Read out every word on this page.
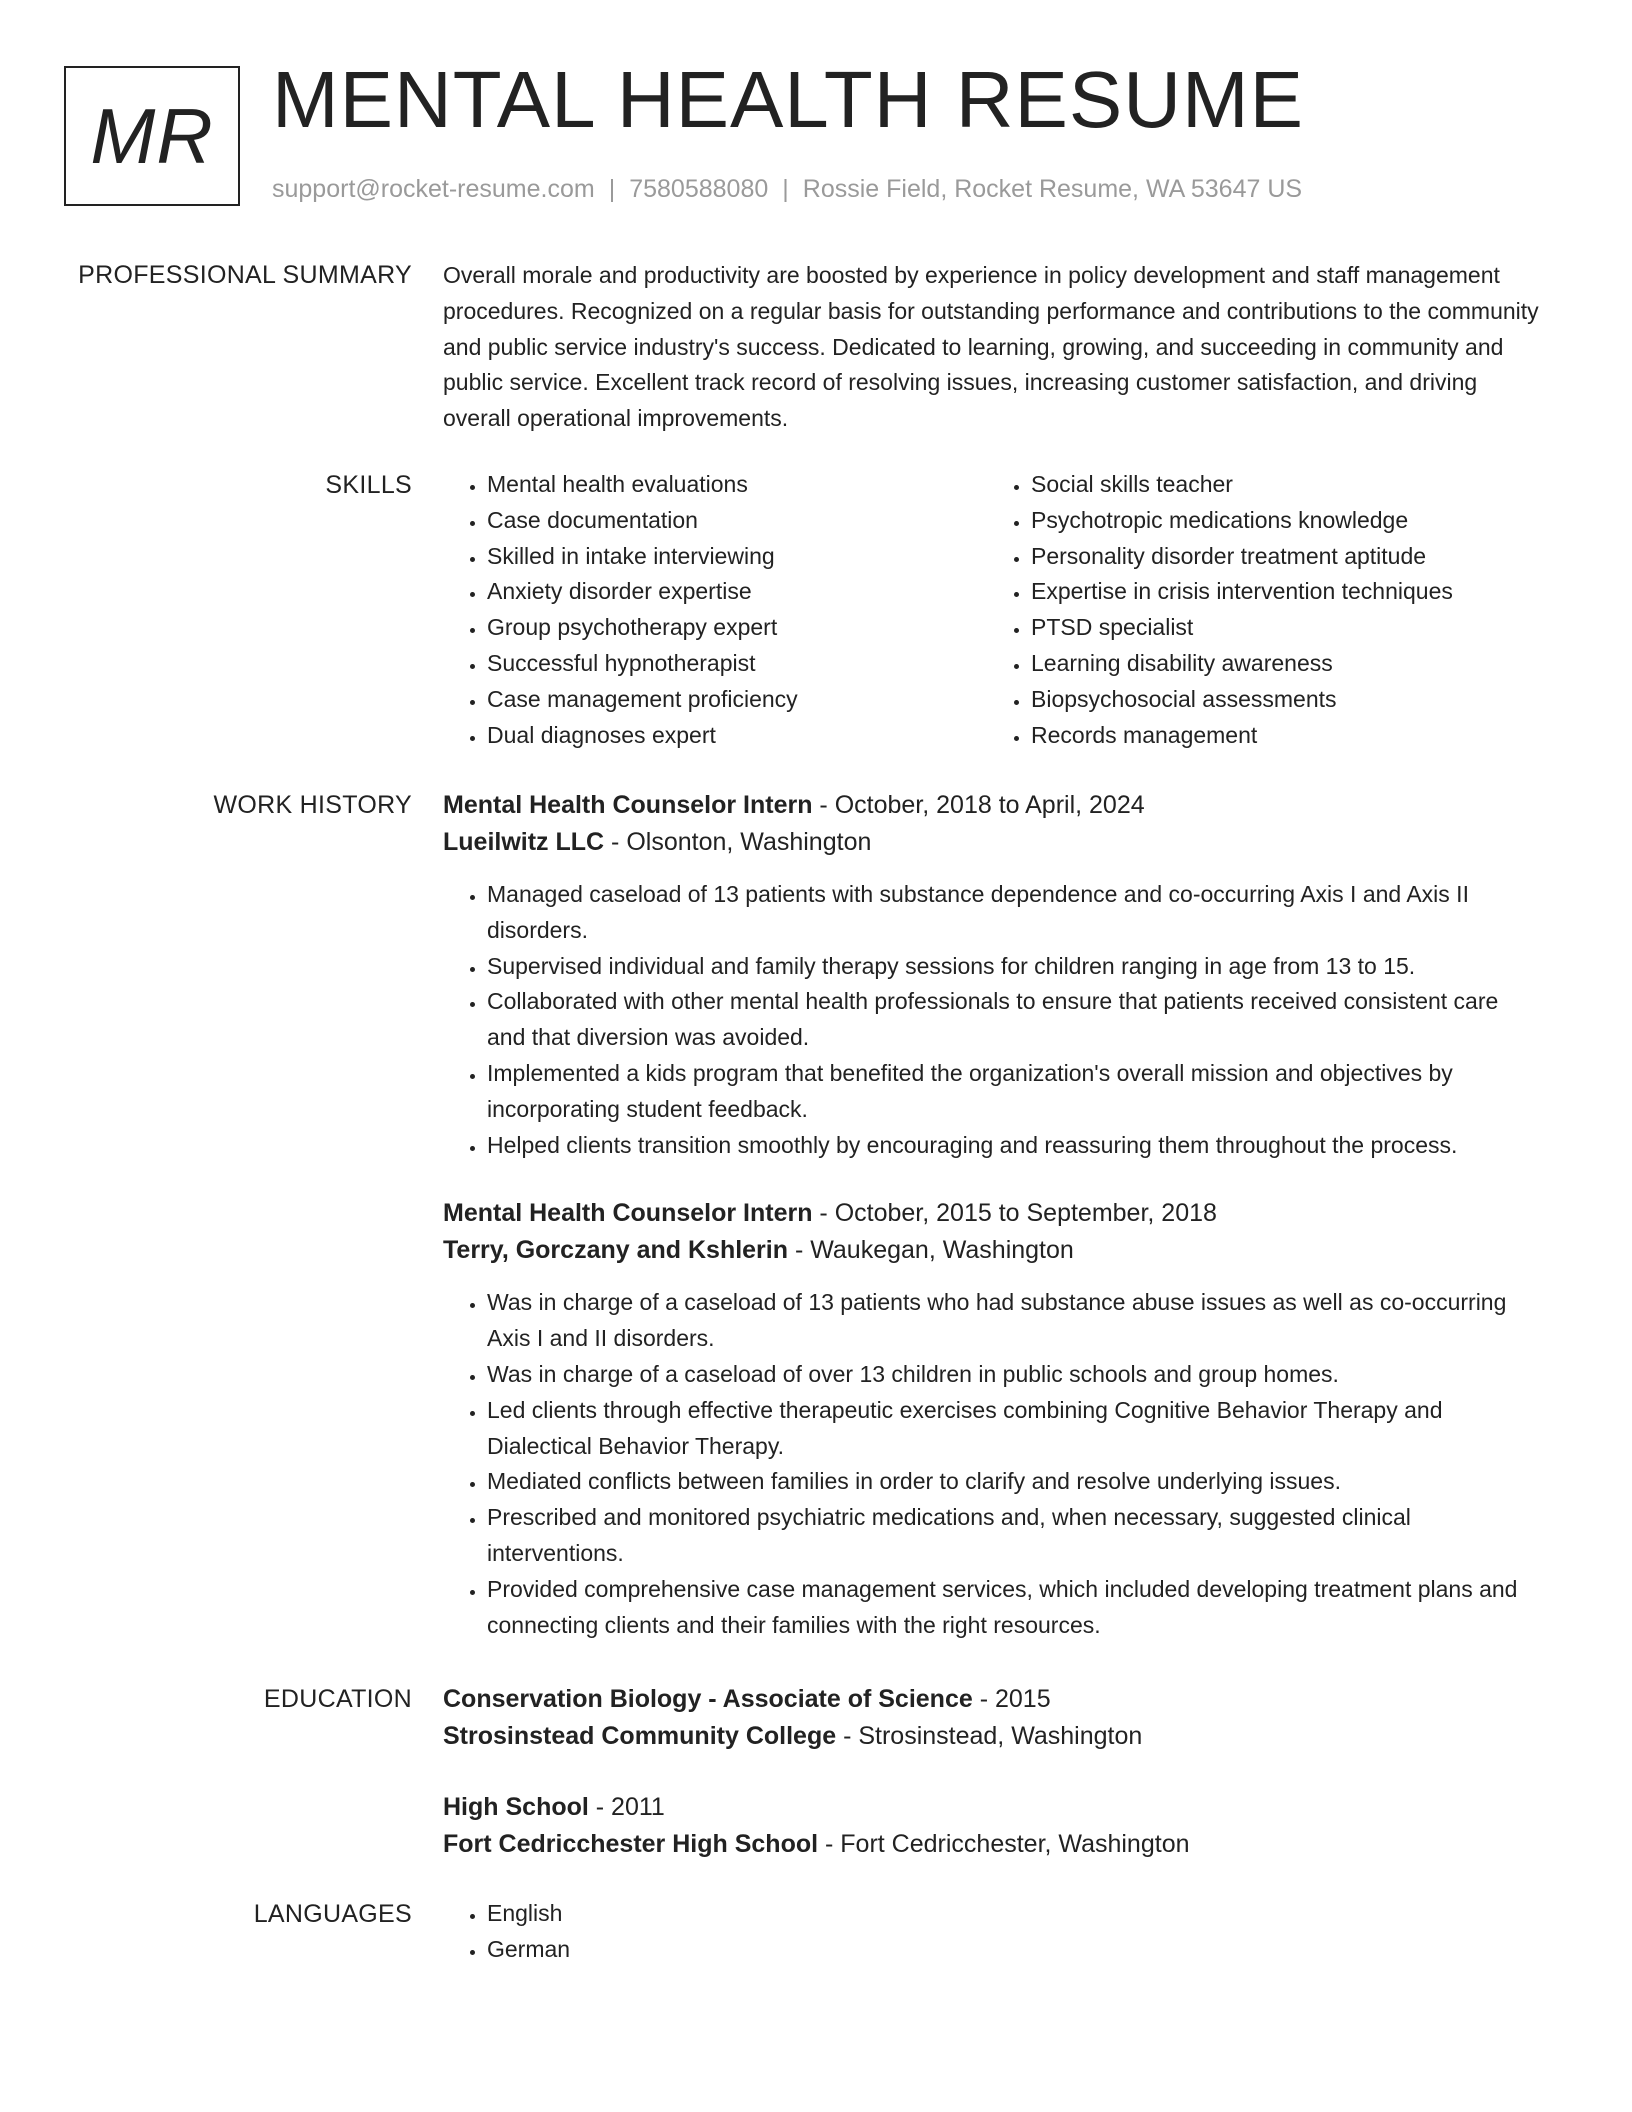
MR MENTAL HEALTH RESUME
support@rocket-resume.com | 7580588080 | Rossie Field, Rocket Resume, WA 53647 US
PROFESSIONAL SUMMARY Overall morale and productivity are boosted by experience in policy development and staff management procedures. Recognized on a regular basis for outstanding performance and contributions to the community and public service industry's success. Dedicated to learning, growing, and succeeding in community and public service. Excellent track record of resolving issues, increasing customer satisfaction, and driving overall operational improvements.

SKILLS	• Mental health evaluations
• Case documentation
• Skilled in intake interviewing
• Anxiety disorder expertise
• Group psychotherapy expert
• Successful hypnotherapist
• Case management proficiency
• Dual diagnoses expert
• Social skills teacher
• Psychotropic medications knowledge
• Personality disorder treatment aptitude
• Expertise in crisis intervention techniques
• PTSD specialist
• Learning disability awareness
• Biopsychosocial assessments
• Records management
WORK HISTORY Mental Health Counselor Intern - October, 2018 to April, 2024
Lueilwitz LLC - Olsonton, Washington
• Managed caseload of 13 patients with substance dependence and co-occurring Axis I and Axis II disorders.
• Supervised individual and family therapy sessions for children ranging in age from 13 to 15.
• Collaborated with other mental health professionals to ensure that patients received consistent care and that diversion was avoided.
• Implemented a kids program that benefited the organization's overall mission and objectives by incorporating student feedback.
• Helped clients transition smoothly by encouraging and reassuring them throughout the process.
Mental Health Counselor Intern - October, 2015 to September, 2018
Terry, Gorczany and Kshlerin - Waukegan, Washington
• Was in charge of a caseload of 13 patients who had substance abuse issues as well as co-occurring Axis I and II disorders.
• Was in charge of a caseload of over 13 children in public schools and group homes.
• Led clients through effective therapeutic exercises combining Cognitive Behavior Therapy and Dialectical Behavior Therapy.
• Mediated conflicts between families in order to clarify and resolve underlying issues.
• Prescribed and monitored psychiatric medications and, when necessary, suggested clinical interventions.
• Provided comprehensive case management services, which included developing treatment plans and connecting clients and their families with the right resources.
EDUCATION Conservation Biology - Associate of Science - 2015
Strosinstead Community College - Strosinstead, Washington
High School - 2011
Fort Cedricchester High School - Fort Cedricchester, Washington
LANGUAGES	• English
• German
